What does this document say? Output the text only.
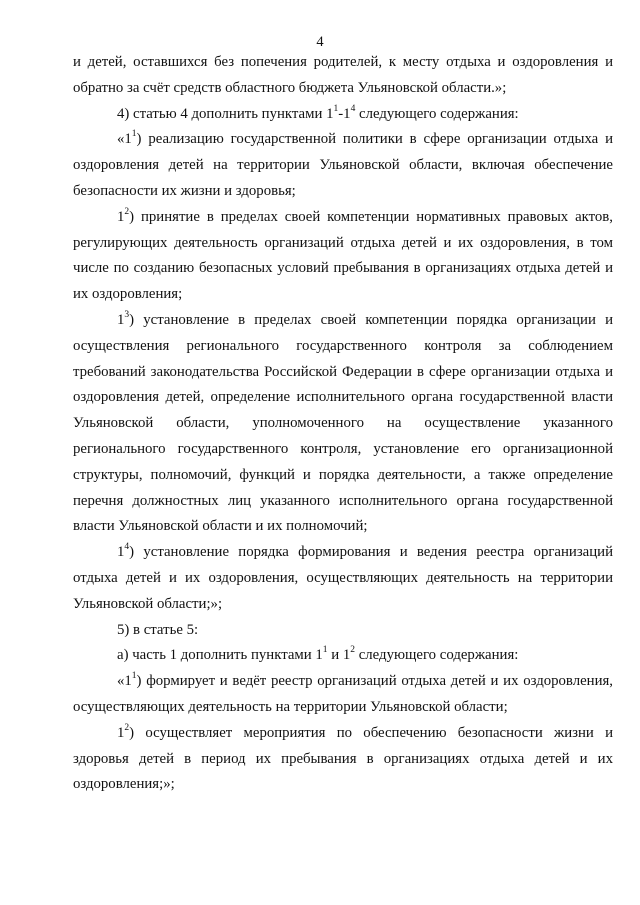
4

и детей, оставшихся без попечения родителей, к месту отдыха и оздоровления и обратно за счёт средств областного бюджета Ульяновской области.»;

4) статью 4 дополнить пунктами $1^1-1^4$ следующего содержания:

«$1^1$) реализацию государственной политики в сфере организации отдыха и оздоровления детей на территории Ульяновской области, включая обеспечение безопасности их жизни и здоровья;

$1^2$) принятие в пределах своей компетенции нормативных правовых актов, регулирующих деятельность организаций отдыха детей и их оздоровления, в том числе по созданию безопасных условий пребывания в организациях отдыха детей и их оздоровления;

$1^3$) установление в пределах своей компетенции порядка организации и осуществления регионального государственного контроля за соблюдением требований законодательства Российской Федерации в сфере организации отдыха и оздоровления детей, определение исполнительного органа государственной власти Ульяновской области, уполномоченного на осуществление указанного регионального государственного контроля, установление его организационной структуры, полномочий, функций и порядка деятельности, а также определение перечня должностных лиц указанного исполнительного органа государственной власти Ульяновской области и их полномочий;

$1^4$) установление порядка формирования и ведения реестра организаций отдыха детей и их оздоровления, осуществляющих деятельность на территории Ульяновской области;»;

5) в статье 5:

а) часть 1 дополнить пунктами $1^1$ и $1^2$ следующего содержания:

«$1^1$) формирует и ведёт реестр организаций отдыха детей и их оздоровления, осуществляющих деятельность на территории Ульяновской области;

$1^2$) осуществляет мероприятия по обеспечению безопасности жизни и здоровья детей в период их пребывания в организациях отдыха детей и их оздоровления;»;
